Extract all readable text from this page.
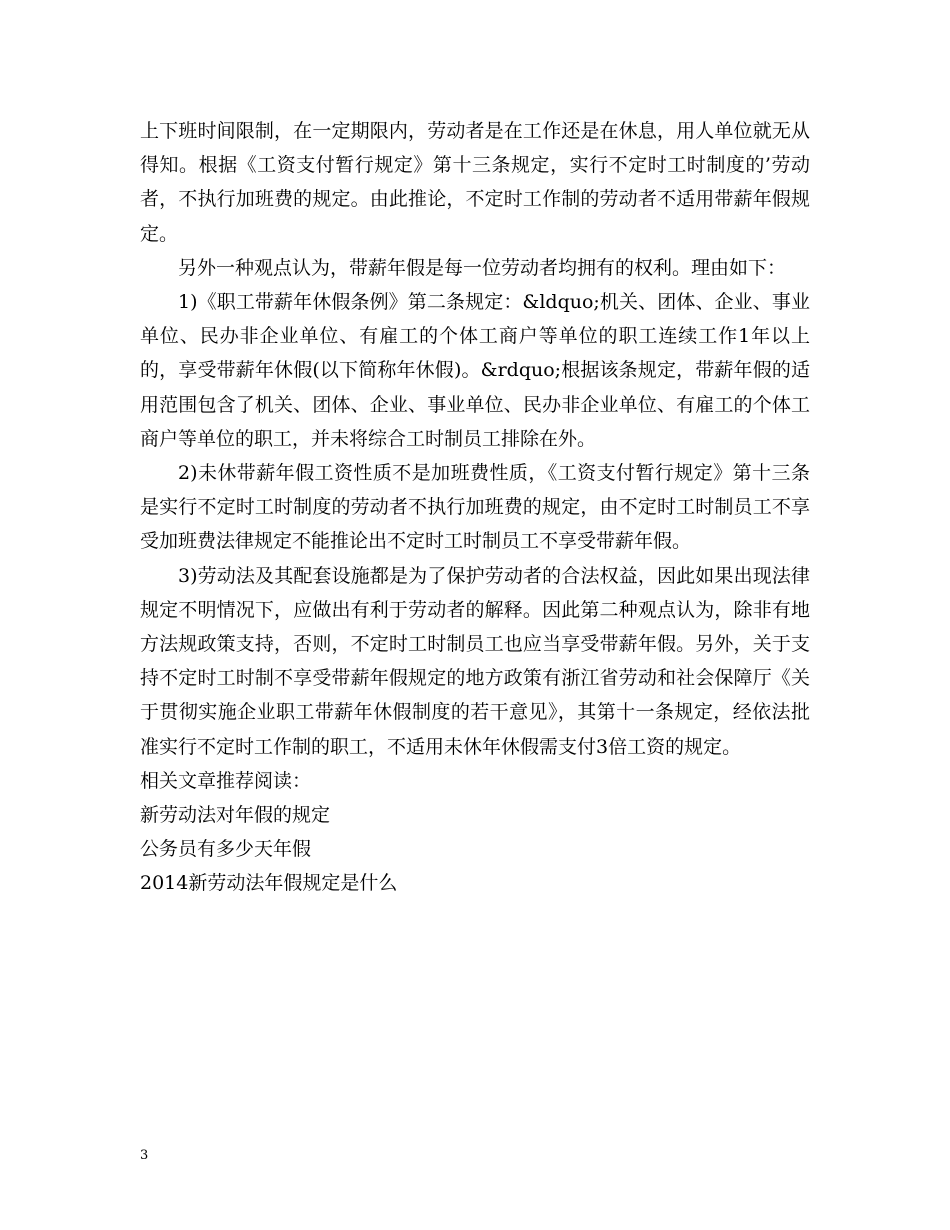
上下班时间限制，在一定期限内，劳动者是在工作还是在休息，用人单位就无从得知。根据《工资支付暂行规定》第十三条规定，实行不定时工时制度的’劳动者，不执行加班费的规定。由此推论，不定时工作制的劳动者不适用带薪年假规定。

另外一种观点认为，带薪年假是每一位劳动者均拥有的权利。理由如下：

1)《职工带薪年休假条例》第二条规定：&ldquo;机关、团体、企业、事业单位、民办非企业单位、有雇工的个体工商户等单位的职工连续工作1年以上的，享受带薪年休假(以下简称年休假)。&rdquo;根据该条规定，带薪年假的适用范围包含了机关、团体、企业、事业单位、民办非企业单位、有雇工的个体工商户等单位的职工，并未将综合工时制员工排除在外。

2)未休带薪年假工资性质不是加班费性质，《工资支付暂行规定》第十三条是实行不定时工时制度的劳动者不执行加班费的规定，由不定时工时制员工不享受加班费法律规定不能推论出不定时工时制员工不享受带薪年假。

3)劳动法及其配套设施都是为了保护劳动者的合法权益，因此如果出现法律规定不明情况下，应做出有利于劳动者的解释。因此第二种观点认为，除非有地方法规政策支持，否则，不定时工时制员工也应当享受带薪年假。另外，关于支持不定时工时制不享受带薪年假规定的地方政策有浙江省劳动和社会保障厅《关于贯彻实施企业职工带薪年休假制度的若干意见》，其第十一条规定，经依法批准实行不定时工作制的职工，不适用未休年休假需支付3倍工资的规定。

相关文章推荐阅读：

新劳动法对年假的规定

公务员有多少天年假

2014新劳动法年假规定是什么

3
